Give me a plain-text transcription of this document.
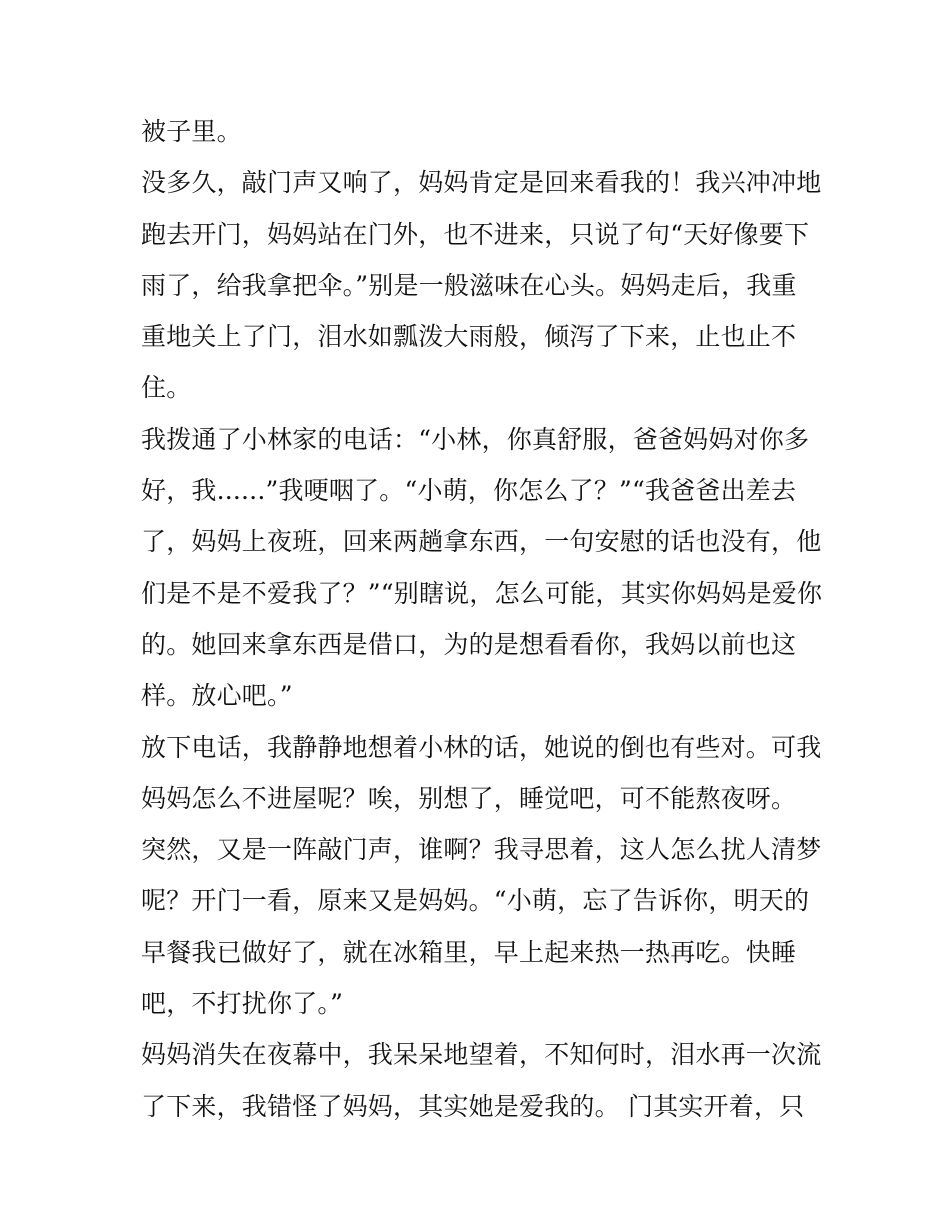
被子里。
没多久，敲门声又响了，妈妈肯定是回来看我的！我兴冲冲地
跑去开门，妈妈站在门外，也不进来，只说了句“天好像要下
雨了，给我拿把伞。”别是一般滋味在心头。妈妈走后，我重
重地关上了门，泪水如瓢泼大雨般，倾泻了下来，止也止不
住。
我拨通了小林家的电话：“小林，你真舒服，爸爸妈妈对你多
好，我......”我哽咽了。“小萌，你怎么了？”“我爸爸出差去
了，妈妈上夜班，回来两趟拿东西，一句安慰的话也没有，他
们是不是不爱我了？”“别瞎说，怎么可能，其实你妈妈是爱你
的。她回来拿东西是借口，为的是想看看你，我妈以前也这
样。放心吧。”
放下电话，我静静地想着小林的话，她说的倒也有些对。可我
妈妈怎么不进屋呢？唉，别想了，睡觉吧，可不能熬夜呀。
突然，又是一阵敲门声，谁啊？我寻思着，这人怎么扰人清梦
呢？开门一看，原来又是妈妈。“小萌，忘了告诉你，明天的
早餐我已做好了，就在冰箱里，早上起来热一热再吃。快睡
吧，不打扰你了。”
妈妈消失在夜幕中，我呆呆地望着，不知何时，泪水再一次流
了下来，我错怪了妈妈，其实她是爱我的。 门其实开着，只
